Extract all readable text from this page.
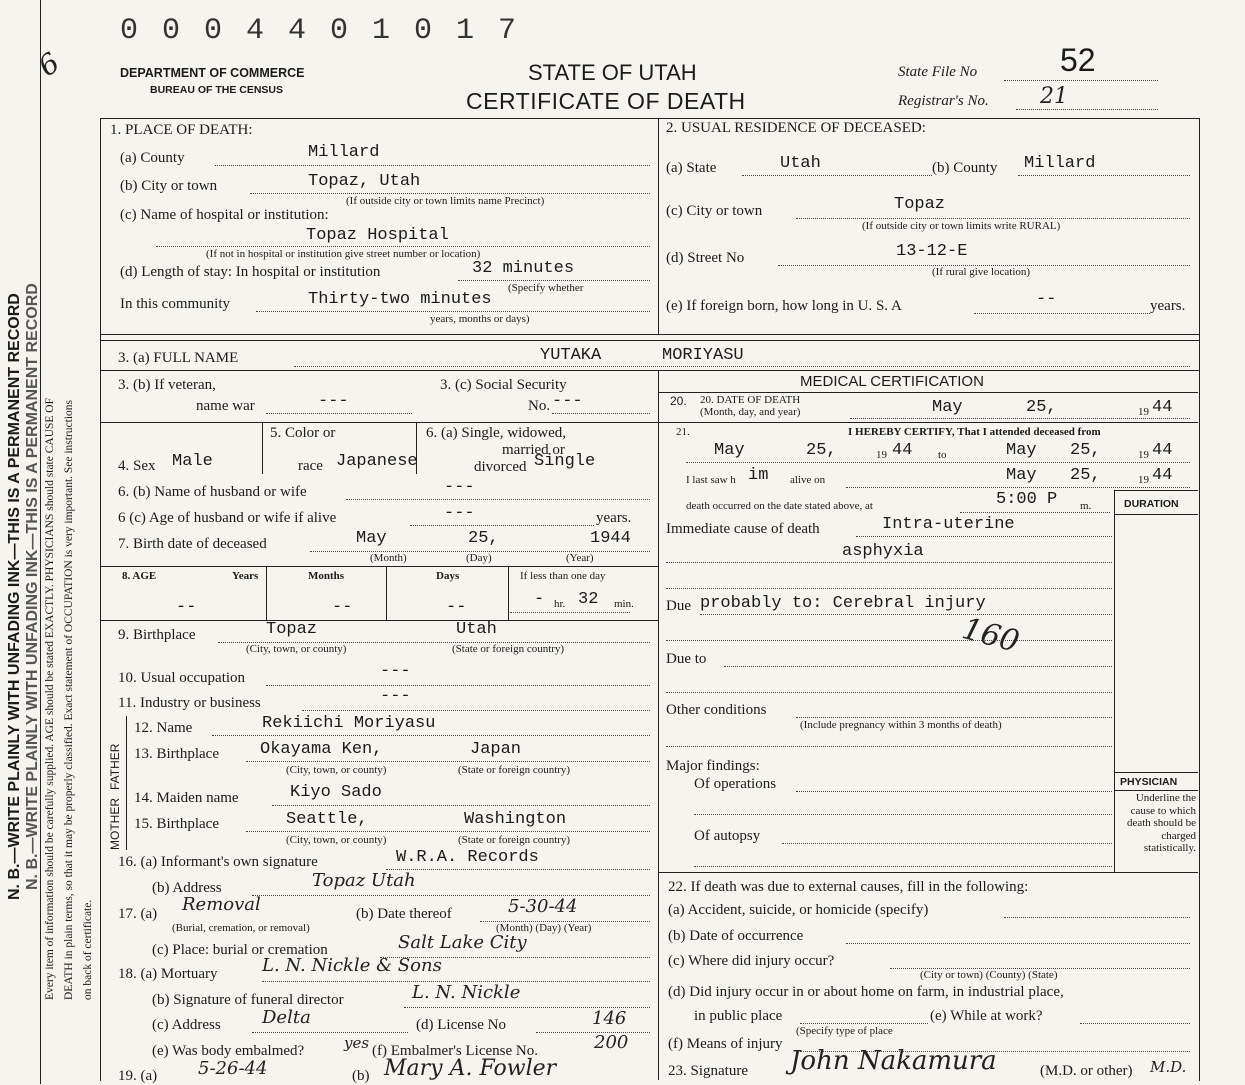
N. B.—WRITE PLAINLY WITH UNFADING INK—THIS IS A PERMANENT RECORD N. B.—WRITE PLAINLY WITH UNFADING INK—THIS IS A PERMANENT RECORD Every item of information should be carefully supplied. AGE should be stated EXACTLY. PHYSICIANS should state CAUSE OF DEATH in plain terms, so that it may be properly classified. Exact statement of OCCUPATION is very important. See instructions on back of certificate.
6
0 0 0 4 4 0 1 0 1 7
DEPARTMENT OF COMMERCE
BUREAU OF THE CENSUS
STATE OF UTAH
CERTIFICATE OF DEATH
State File No	52
Registrar's No. 21
1. PLACE OF DEATH:
(a) County	Millard
(b) City or town	Topaz, Utah
(If outside city or town limits name Precinct)
(c) Name of hospital or institution:
Topaz Hospital
(If not in hospital or institution give street number or location)
(d) Length of stay: In hospital or institution	32 minutes
(Specify whether
In this community	Thirty-two minutes
years, months or days)
2. USUAL RESIDENCE OF DECEASED:
(a) State	Utah	(b) County Millard
(c) City or town	Topaz
(If outside city or town limits write RURAL)
(d) Street No	13-12-E
(If rural give location)
(e) If foreign born, how long in U. S. A	--	years.
3. (a) FULL NAME	YUTAKA	MORIYASU
3. (b) If veteran,
name war	---
3. (c) Social Security
No. ---
4. Sex Male
5. Color or
race Japanese
6. (a) Single, widowed,
married or
divorced Single
6. (b) Name of husband or wife	---
6 (c) Age of husband or wife if alive	---	years.
7. Birth date of deceased	May	25,	1944
(Month)	(Day)	(Year)
8. AGE	Years	Months	Days	If less than one day
--	--	--	- hr. 32 min.
9. Birthplace	Topaz	Utah
(City, town, or county)	(State or foreign country)
10. Usual occupation	---
11. Industry or business	---
FATHER
MOTHER
12. Name	Rekiichi Moriyasu
13. Birthplace Okayama Ken,	Japan
(City, town, or county)	(State or foreign country)
14. Maiden name	Kiyo Sado
15. Birthplace	Seattle,	Washington
(City, town, or county)	(State or foreign country)
16. (a) Informant's own signature	W.R.A. Records
(b) Address	Topaz Utah
17. (a) Removal	(b) Date thereof	5-30-44
(Burial, cremation, or removal)	(Month) (Day) (Year)
(c) Place: burial or cremation	Salt Lake City
18. (a) Mortuary L. N. Nickle & Sons
(b) Signature of funeral director	L. N. Nickle
(c) Address Delta	(d) License No	146
(e) Was body embalmed?	yes (f) Embalmer's License No.	200
19. (a) 5-26-44	(b) Mary A. Fowler
MEDICAL CERTIFICATION
20. DATE OF DEATH
(Month, day, and year)
20.	May	25,	19 44
21.	I HEREBY CERTIFY, That I attended deceased from
May	25,	19 44 to	May 25,	19 44
I last saw h im alive on	May 25,	19 44
death occurred on the date stated above, at	5:00 P m.	DURATION
Immediate cause of death	Intra-uterine
asphyxia
Due probably to: Cerebral injury
160
Due to
Other conditions
(Include pregnancy within 3 months of death)
Major findings:
Of operations
Of autopsy
PHYSICIAN
Underline the cause to which death should be charged statistically.
22. If death was due to external causes, fill in the following:
(a) Accident, suicide, or homicide (specify)
(b) Date of occurrence
(c) Where did injury occur?
(City or town) (County) (State)
(d) Did injury occur in or about home on farm, in industrial place,
in public place
(Specify type of place
(e) While at work?
(f) Means of injury
23. Signature John Nakamura	(M.D. or other) M.D.
